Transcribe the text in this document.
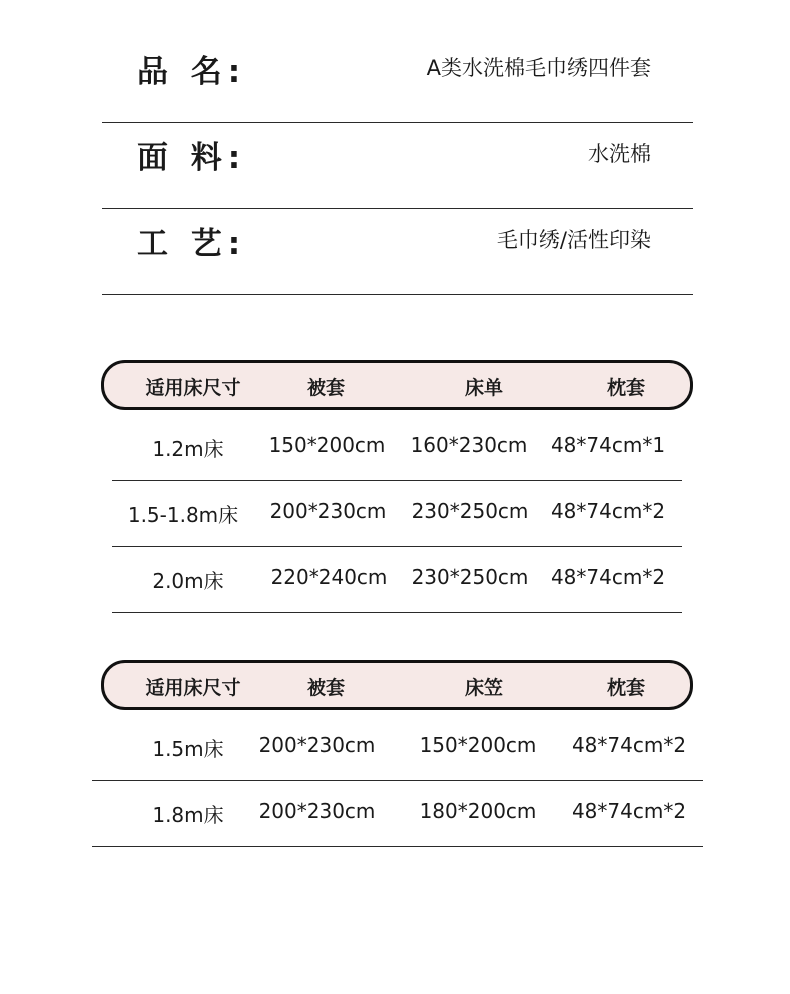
品 名:	A类水洗棉毛巾绣四件套
面 料:	水洗棉
工 艺:	毛巾绣/活性印染
适用床尺寸	被套	床单	枕套
1.2m床 150*200cm 160*230cm 48*74cm*1
1.5-1.8m床 200*230cm 230*250cm 48*74cm*2
2.0m床 220*240cm 230*250cm 48*74cm*2
适用床尺寸	被套	床笠	枕套
1.5m床 200*230cm 150*200cm 48*74cm*2
1.8m床 200*230cm 180*200cm 48*74cm*2
